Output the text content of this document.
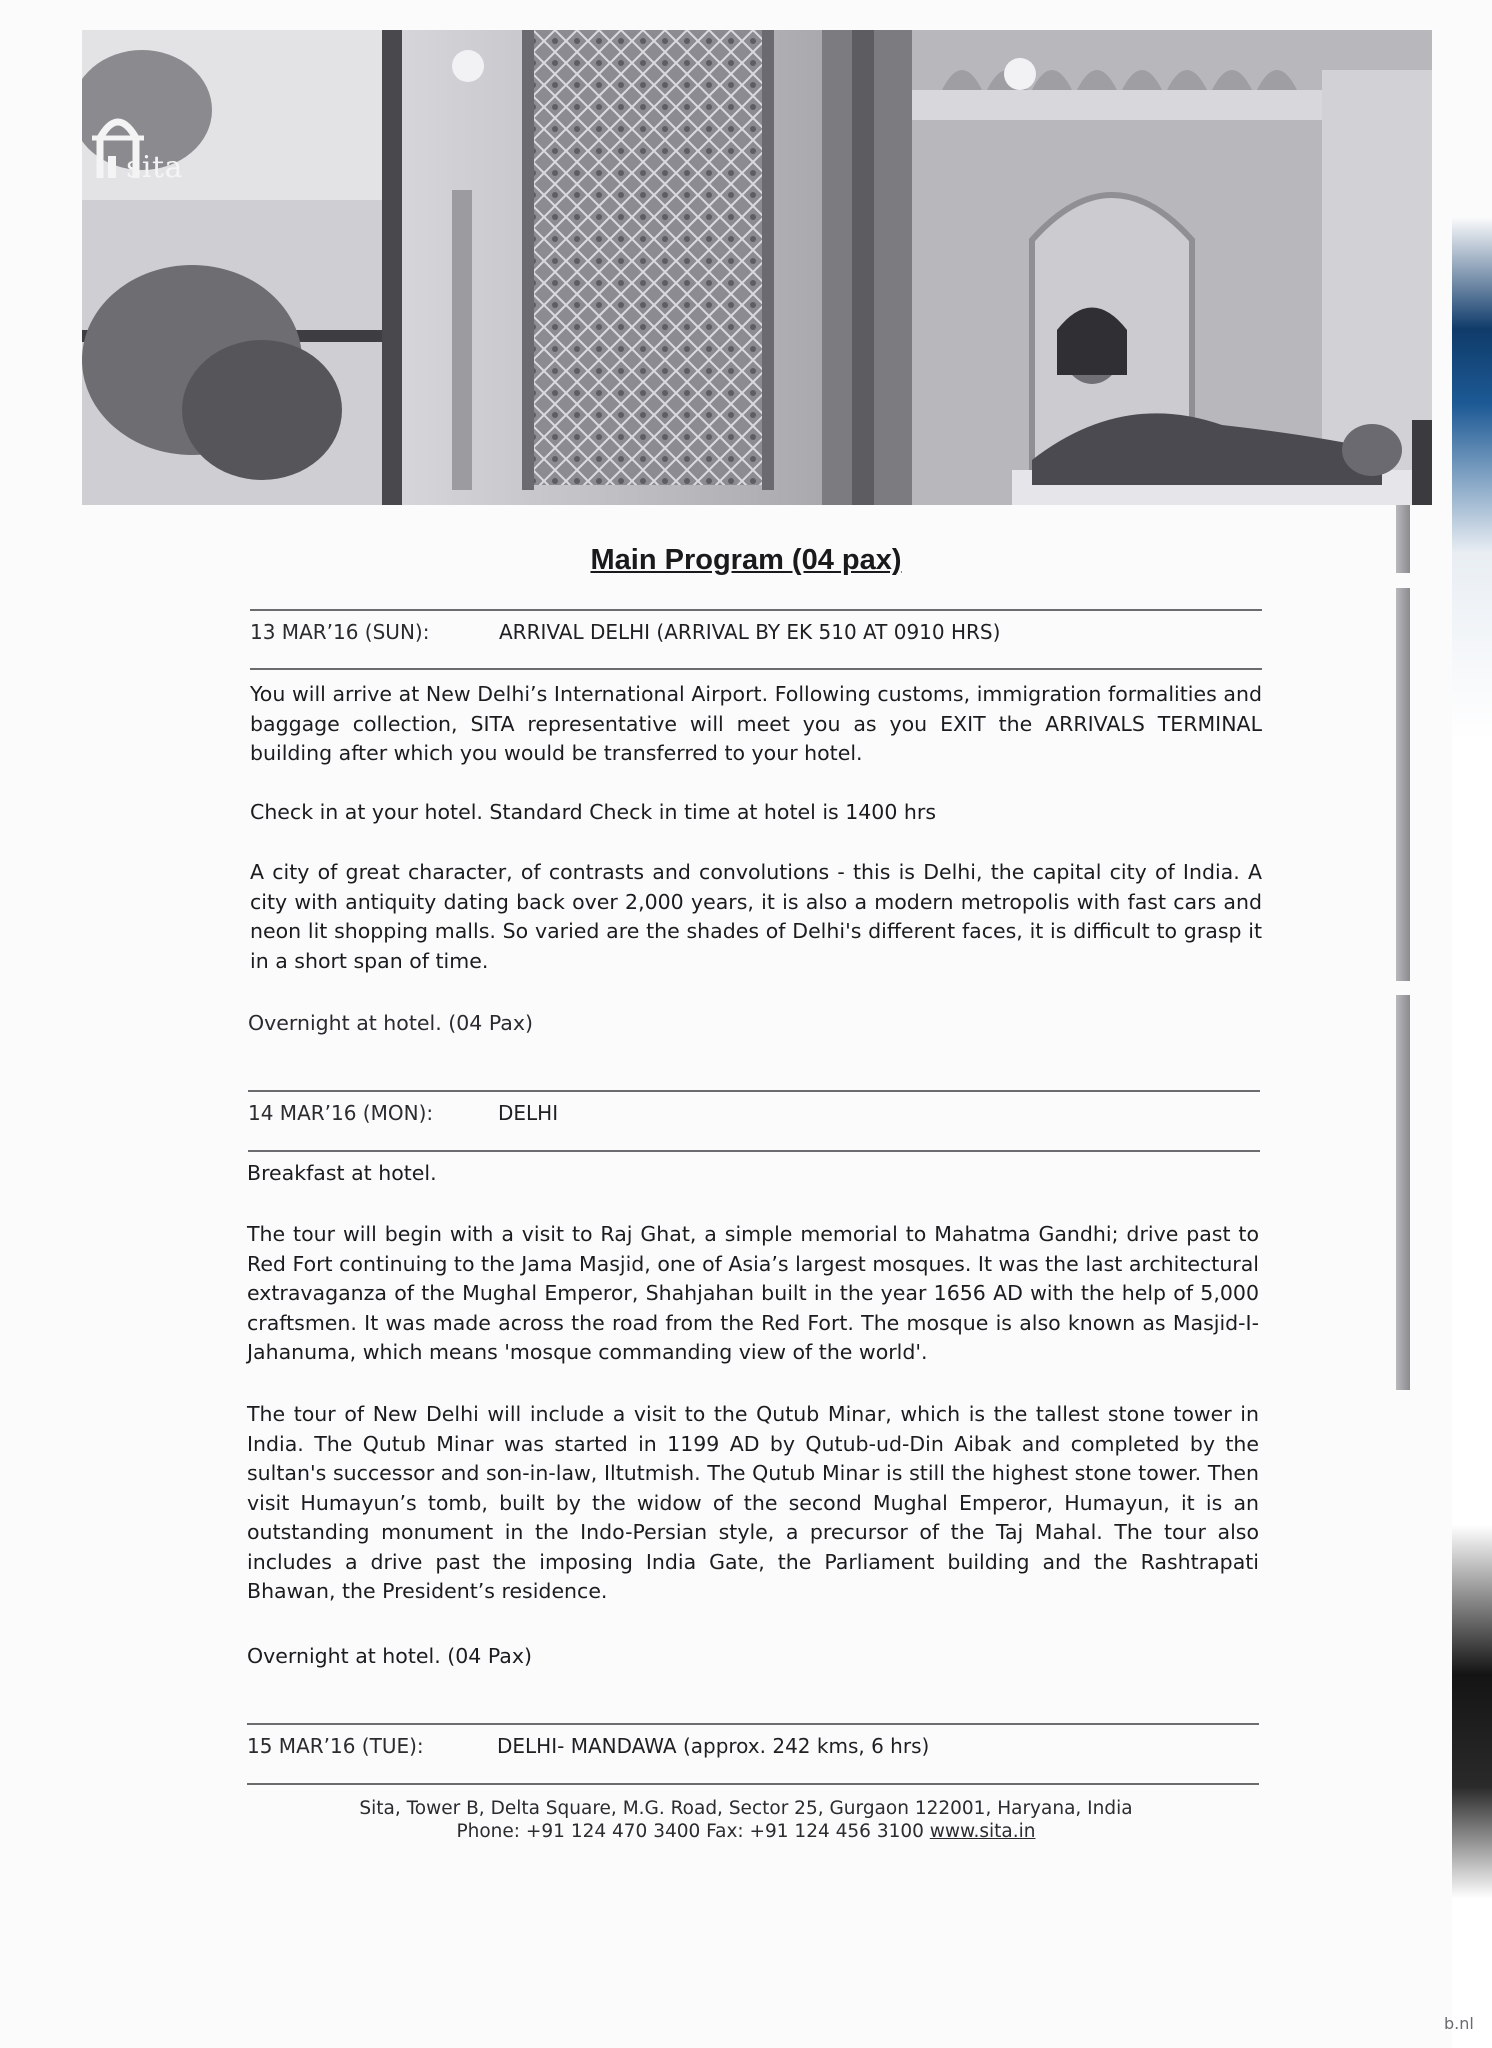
sita
Main Program (04 pax)
13 MAR’16 (SUN):	ARRIVAL DELHI (ARRIVAL BY EK 510 AT 0910 HRS)
You will arrive at New Delhi’s International Airport. Following customs, immigration formalities and baggage collection, SITA representative will meet you as you EXIT the ARRIVALS TERMINAL building after which you would be transferred to your hotel.
Check in at your hotel. Standard Check in time at hotel is 1400 hrs
A city of great character, of contrasts and convolutions - this is Delhi, the capital city of India. A city with antiquity dating back over 2,000 years, it is also a modern metropolis with fast cars and neon lit shopping malls. So varied are the shades of Delhi's different faces, it is difficult to grasp it in a short span of time.
Overnight at hotel. (04 Pax)
14 MAR’16 (MON):	DELHI
Breakfast at hotel.
The tour will begin with a visit to Raj Ghat, a simple memorial to Mahatma Gandhi; drive past to Red Fort continuing to the Jama Masjid, one of Asia’s largest mosques. It was the last architectural extravaganza of the Mughal Emperor, Shahjahan built in the year 1656 AD with the help of 5,000 craftsmen. It was made across the road from the Red Fort. The mosque is also known as Masjid-I-Jahanuma, which means 'mosque commanding view of the world'.
The tour of New Delhi will include a visit to the Qutub Minar, which is the tallest stone tower in India. The Qutub Minar was started in 1199 AD by Qutub-ud-Din Aibak and completed by the sultan's successor and son-in-law, Iltutmish. The Qutub Minar is still the highest stone tower. Then visit Humayun’s tomb, built by the widow of the second Mughal Emperor, Humayun, it is an outstanding monument in the Indo-Persian style, a precursor of the Taj Mahal. The tour also includes a drive past the imposing India Gate, the Parliament building and the Rashtrapati Bhawan, the President’s residence.
Overnight at hotel. (04 Pax)
15 MAR’16 (TUE):	DELHI- MANDAWA (approx. 242 kms, 6 hrs)
Sita, Tower B, Delta Square, M.G. Road, Sector 25, Gurgaon 122001, Haryana, India
Phone: +91 124 470 3400 Fax: +91 124 456 3100 www.sita.in
b.nl
